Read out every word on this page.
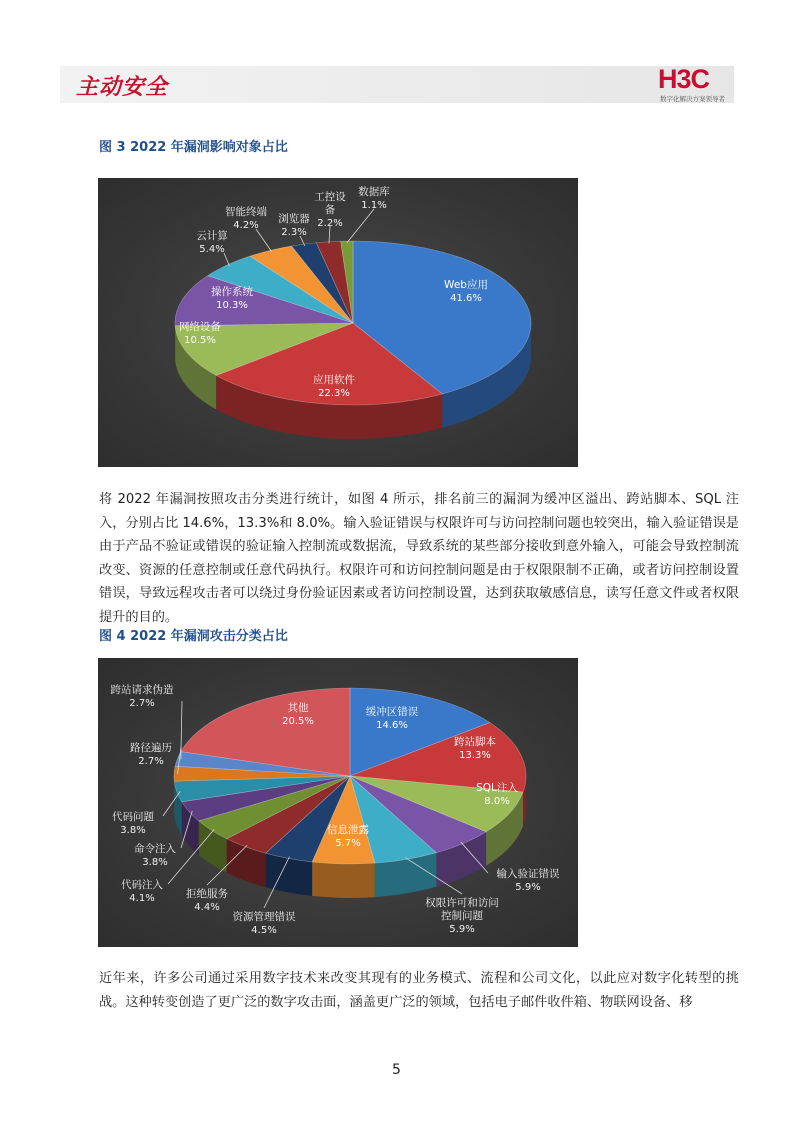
主动安全	H3C
数字化解决方案领导者
图 3 2022 年漏洞影响对象占比
Web应用
41.6%
应用软件
22.3%
网络设备
10.5%
操作系统
10.3%
云计算
5.4%
智能终端
4.2%
浏览器
2.3%
工控设
备
2.2%
数据库
1.1%
将 2022 年漏洞按照攻击分类进行统计，如图 4 所示，排名前三的漏洞为缓冲区溢出、跨站脚本、SQL 注入，分别占比 14.6%，13.3%和 8.0%。输入验证错误与权限许可与访问控制问题也较突出，输入验证错误是由于产品不验证或错误的验证输入控制流或数据流，导致系统的某些部分接收到意外输入，可能会导致控制流改变、资源的任意控制或任意代码执行。权限许可和访问控制问题是由于权限限制不正确，或者访问控制设置错误，导致远程攻击者可以绕过身份验证因素或者访问控制设置，达到获取敏感信息，读写任意文件或者权限提升的目的。
图 4 2022 年漏洞攻击分类占比
缓冲区错误
14.6%
跨站脚本
13.3%
SQL注入
8.0%
输入验证错误
5.9%
权限许可和访问
控制问题
5.9%
信息泄露
5.7%
资源管理错误
4.5%
拒绝服务
4.4%
代码注入
4.1%
命令注入
3.8%
代码问题
3.8%
路径遍历
2.7%
跨站请求伪造
2.7%	其他
20.5%
近年来，许多公司通过采用数字技术来改变其现有的业务模式、流程和公司文化，以此应对数字化转型的挑战。这种转变创造了更广泛的数字攻击面，涵盖更广泛的领域，包括电子邮件收件箱、物联网设备、移
5
